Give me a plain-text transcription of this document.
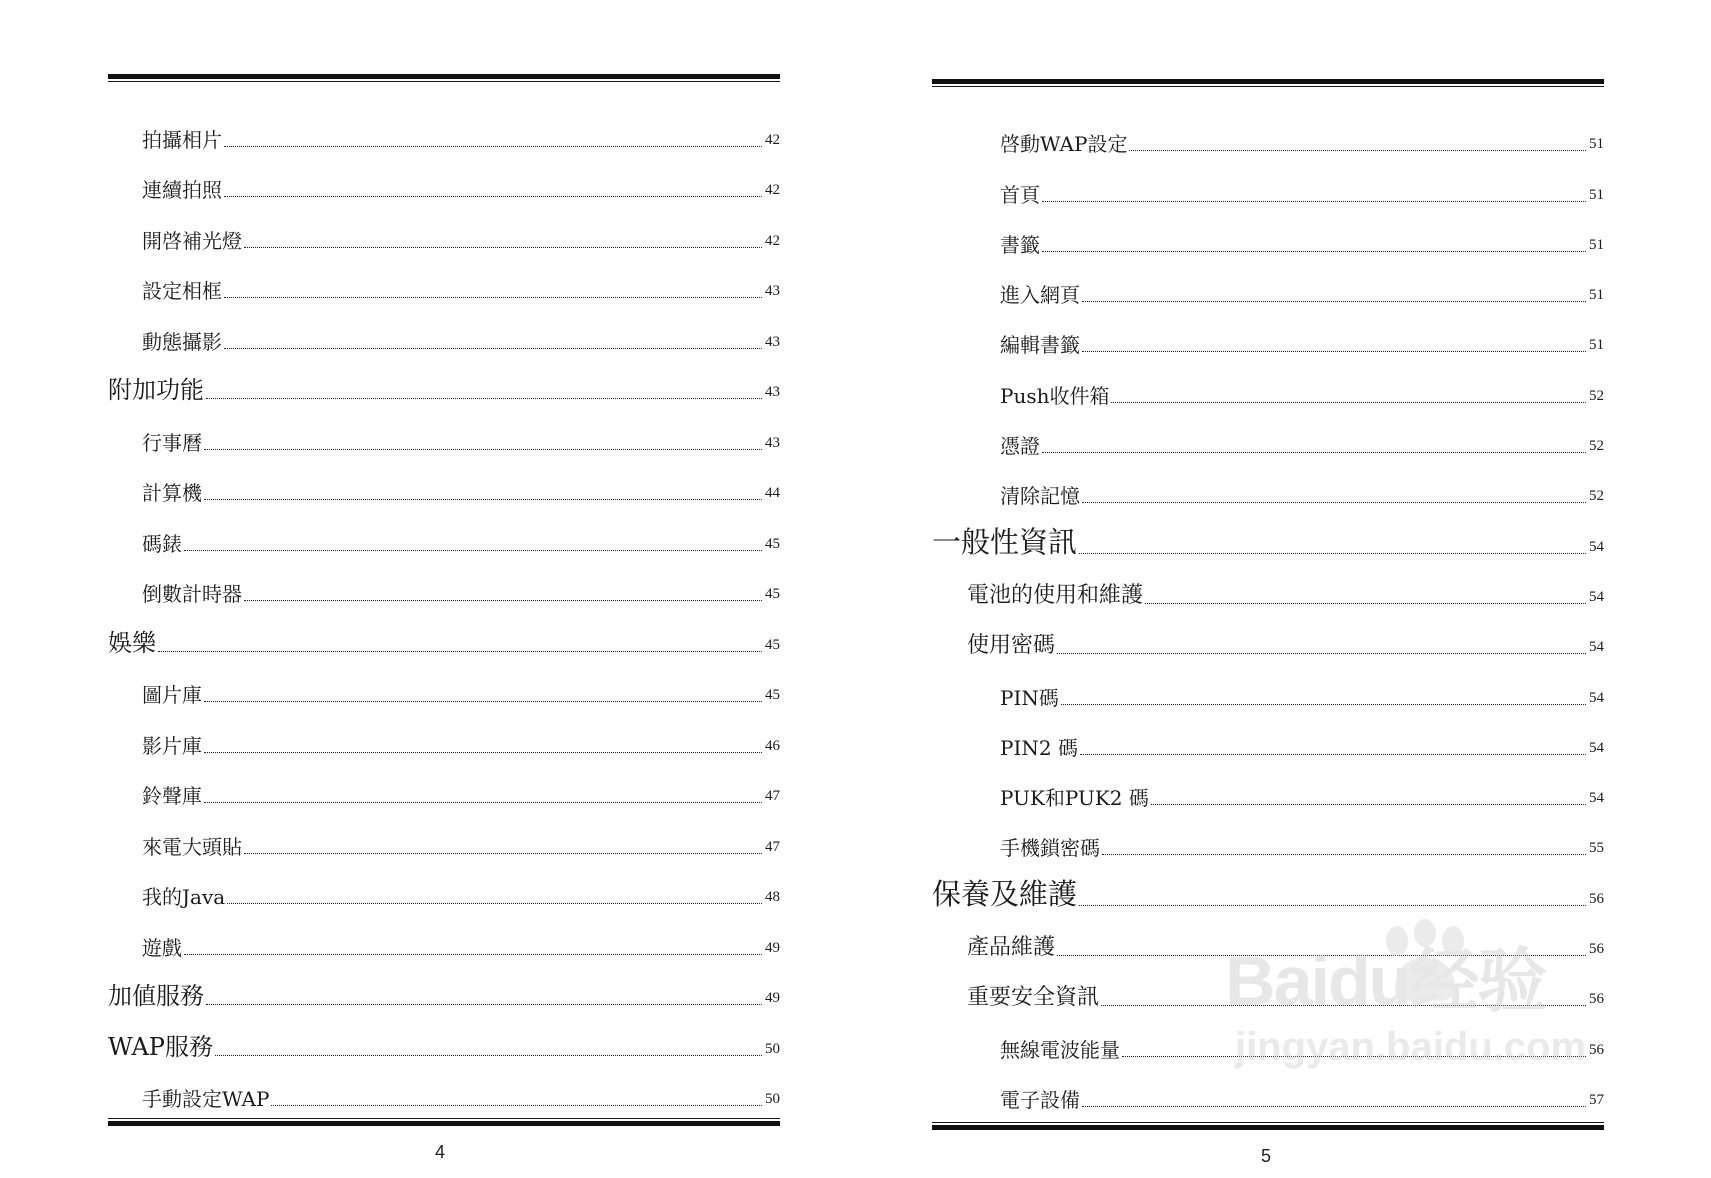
拍攝相片	42
連續拍照	42
開啓補光燈	42
設定相框	43
動態攝影	43
附加功能	43
行事曆	43
計算機	44
碼錶	45
倒數計時器	45
娛樂	45
圖片庫	45
影片庫	46
鈴聲庫	47
來電大頭貼	47
我的Java	48
遊戲	49
加値服務	49
WAP服務	50
手動設定WAP	50
4
啓動WAP設定	51
首頁	51
書籤	51
進入網頁	51
編輯書籤	51
Push收件箱	52
憑證	52
清除記憶	52
一般性資訊	54
電池的使用和維護	54
使用密碼	54
PIN碼	54
PIN2 碼	54
PUK和PUK2 碼	54
手機鎖密碼	55
保養及維護	56
產品維護	56
重要安全資訊	56
無線電波能量	56
電子設備	57
5
Baidu经验
jingyan.baidu.com
